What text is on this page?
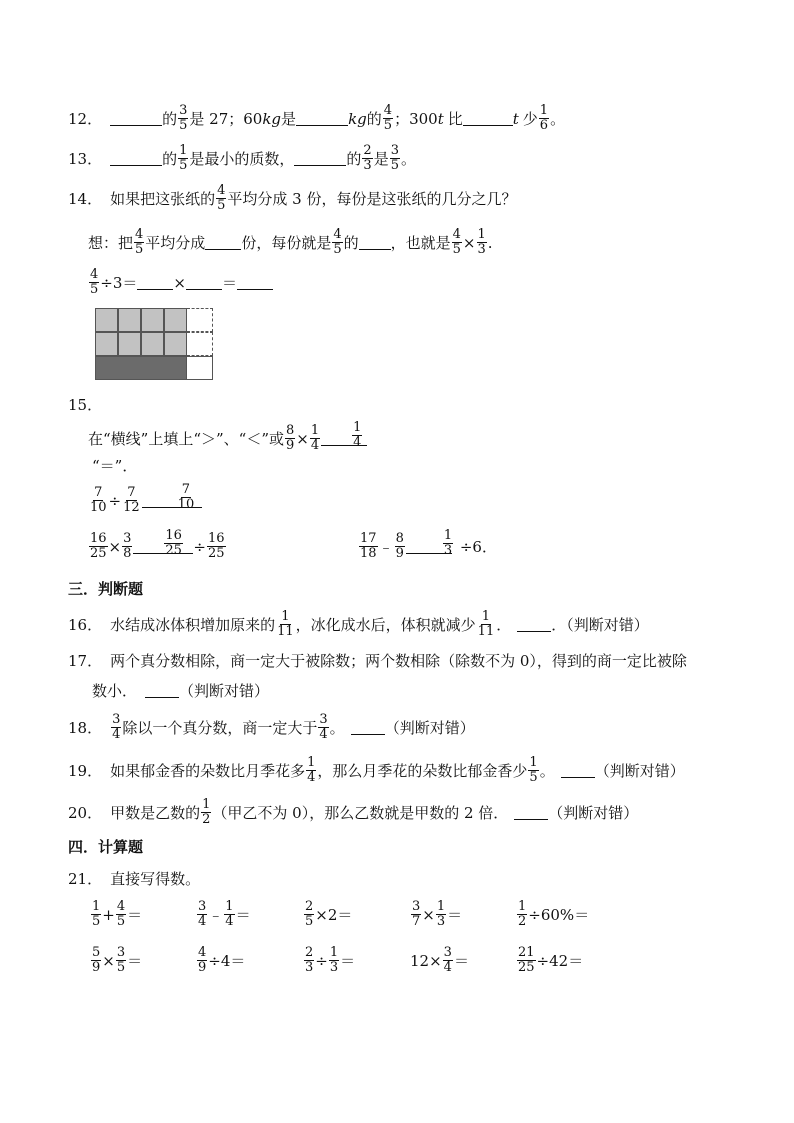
12．	的 $\frac{3}{5}$ 是 27；60 kg 是	kg 的 $\frac{4}{5}$ ；300 t 比	t 少 $\frac{1}{6}$ 。
13．	的 $\frac{1}{5}$ 是最小的质数，	的 $\frac{2}{3}$ 是 $\frac{3}{5}$ 。
14． 如果把这张纸的 $\frac{4}{5}$ 平均分成 3 份，每份是这张纸的几分之几？
想：把 $\frac{4}{5}$ 平均分成 份，每份就是 $\frac{4}{5}$ 的 ，也就是 $\frac{4}{5} \times \frac{1}{3}$ .
$\frac{4}{5} \div 3=$ × ＝
15．
在“横线”上填上“＞”、“＜”或 $\frac{8}{9} \times \frac{1}{4} \frac{1}{4}$
“＝”．
$\frac{7}{10} \div \frac{7}{12}$	$\frac{7}{10}$
$\frac{16}{25} \times \frac{3}{8} \frac{16}{25} \div \frac{16}{25}$	$\frac{17}{18}$ ﹣ $\frac{8}{9}$	$\frac{1}{3} \div 6$．
三．判断题
16． 水结成冰体积增加原来的 $\frac{1}{11}$ ，冰化成水后，体积就减少 $\frac{1}{11}$ ．	．（判断对错）
17． 两个真分数相除，商一定大于被除数；两个数相除（除数不为 0），得到的商一定比被除
数小．	（判断对错）
18． $\frac{3}{4}$ 除以一个真分数，商一定大于 $\frac{3}{4}$ 。	（判断对错）
19． 如果郁金香的朵数比月季花多 $\frac{1}{4}$ ，那么月季花的朵数比郁金香少 $\frac{1}{5}$ 。	（判断对错）
20． 甲数是乙数的 $\frac{1}{2}$ （甲乙不为 0），那么乙数就是甲数的 2 倍．	（判断对错）
四．计算题
21． 直接写得数。
$\frac{1}{5} + \frac{4}{5}$ ＝	$\frac{3}{4}$ ﹣ $\frac{1}{4}$ ＝	$\frac{2}{5} \times 2=$	$\frac{3}{7} \times \frac{1}{3}$ ＝	$\frac{1}{2} \div 60\%=$
$\frac{5}{9} \times \frac{3}{5}$ ＝	$\frac{4}{9} \div 4=$	$\frac{2}{3} \div \frac{1}{3}$ ＝	$12\times \frac{3}{4}$ ＝	$\frac{21}{25} \div 42=$
